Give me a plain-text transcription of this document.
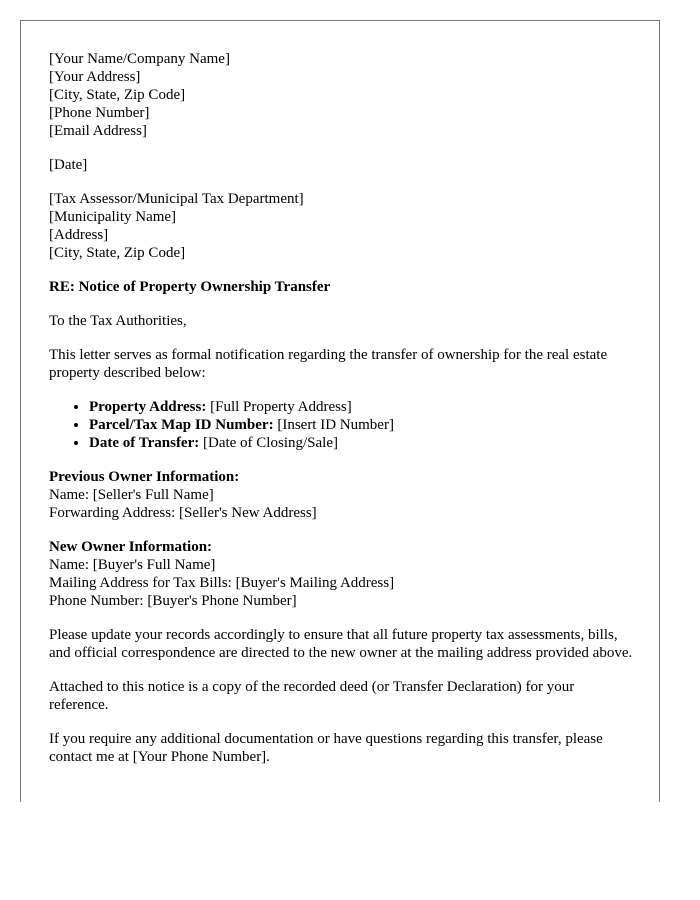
[Your Name/Company Name]
[Your Address]
[City, State, Zip Code]
[Phone Number]
[Email Address]
[Date]
[Tax Assessor/Municipal Tax Department]
[Municipality Name]
[Address]
[City, State, Zip Code]
RE: Notice of Property Ownership Transfer
To the Tax Authorities,

This letter serves as formal notification regarding the transfer of ownership for the real estate property described below:

• Property Address: [Full Property Address]
• Parcel/Tax Map ID Number: [Insert ID Number]
• Date of Transfer: [Date of Closing/Sale]
Previous Owner Information:
Name: [Seller's Full Name]
Forwarding Address: [Seller's New Address]
New Owner Information:
Name: [Buyer's Full Name]
Mailing Address for Tax Bills: [Buyer's Mailing Address]
Phone Number: [Buyer's Phone Number]

Please update your records accordingly to ensure that all future property tax assessments, bills, and official correspondence are directed to the new owner at the mailing address provided above.

Attached to this notice is a copy of the recorded deed (or Transfer Declaration) for your reference.

If you require any additional documentation or have questions regarding this transfer, please contact me at [Your Phone Number].
